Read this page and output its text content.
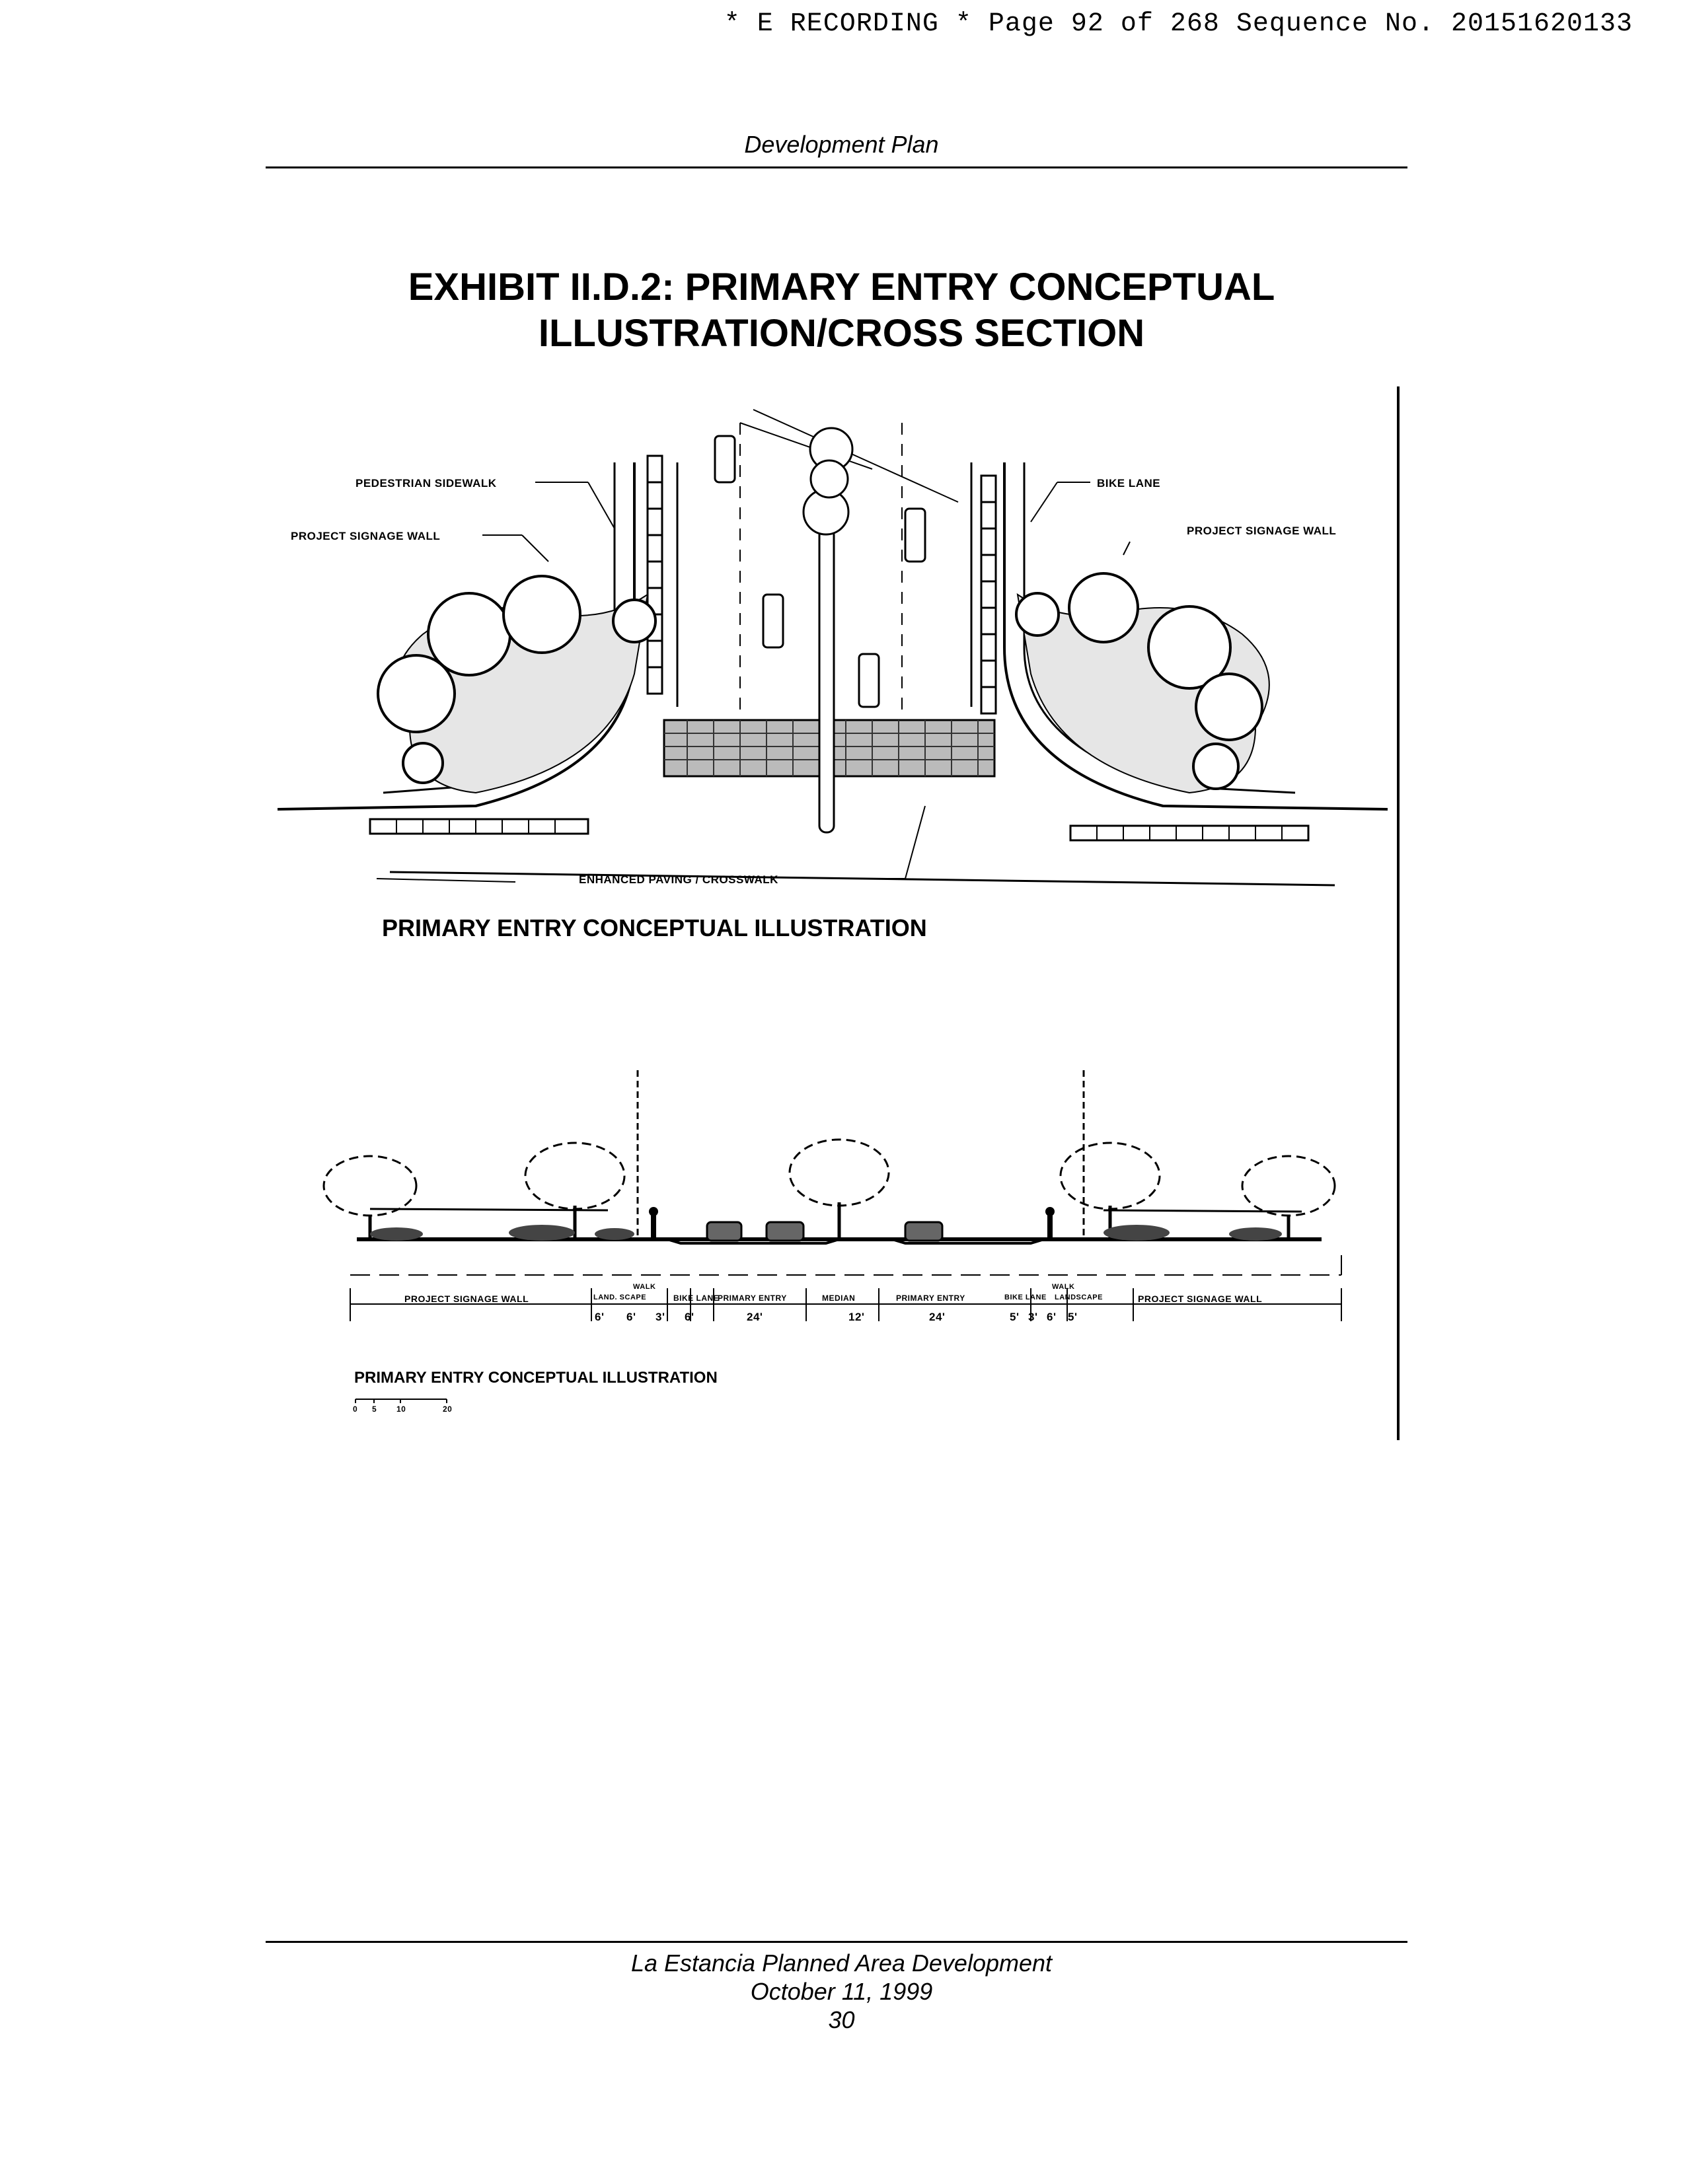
* E RECORDING * Page 92 of 268 Sequence No. 20151620133
Development Plan
EXHIBIT II.D.2: PRIMARY ENTRY CONCEPTUAL
ILLUSTRATION/CROSS SECTION
PEDESTRIAN SIDEWALK
PROJECT SIGNAGE WALL
BIKE LANE
PROJECT SIGNAGE WALL
ENHANCED PAVING / CROSSWALK
PRIMARY ENTRY CONCEPTUAL ILLUSTRATION
PROJECT SIGNAGE WALL	LAND. SCAPE
WALK
BIKE LANE
PRIMARY ENTRY	MEDIAN	PRIMARY ENTRY	BIKE LANE
WALK
LANDSCAPE	PROJECT SIGNAGE WALL
6' 6' 3' 6'	24'	12'	24'	5' 3' 6' 5'
PRIMARY ENTRY CONCEPTUAL ILLUSTRATION
0 5 10	20
La Estancia Planned Area Development
October 11, 1999
30
